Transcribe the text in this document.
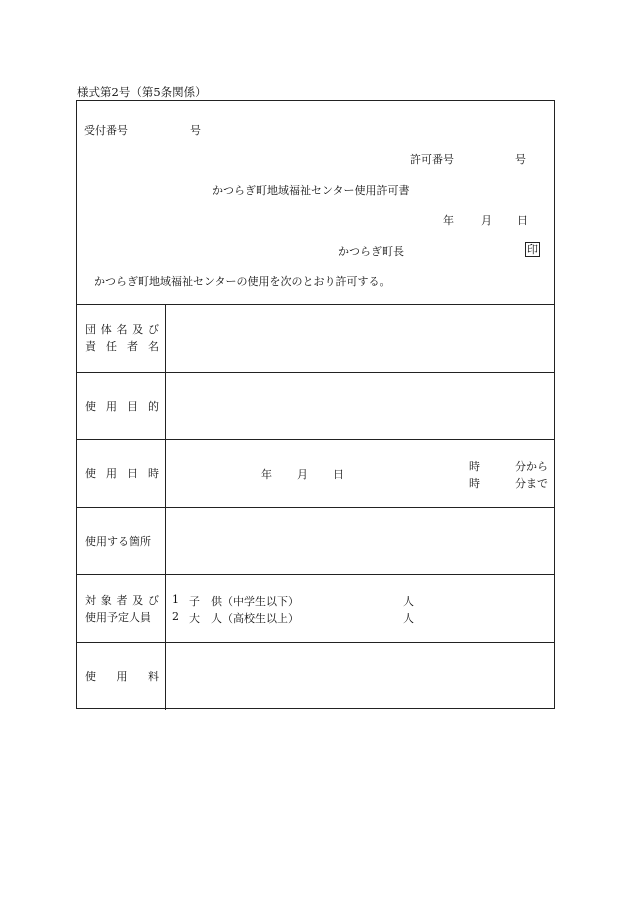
様式第2号（第5条関係）
受付番号	号
許可番号	号
かつらぎ町地域福祉センター使用許可書
年 月 日
かつらぎ町長	印
かつらぎ町地域福祉センターの使用を次のとおり許可する。
団 体 名 及 び
責 任 者 名
使 用 目 的
使 用 日 時	年 月 日
時	分から
時	分まで
使用する箇所
対 象 者 及 び
使用予定人員
1 子　供（中学生以下）	人
2 大　人（高校生以上）	人
使 用 料
